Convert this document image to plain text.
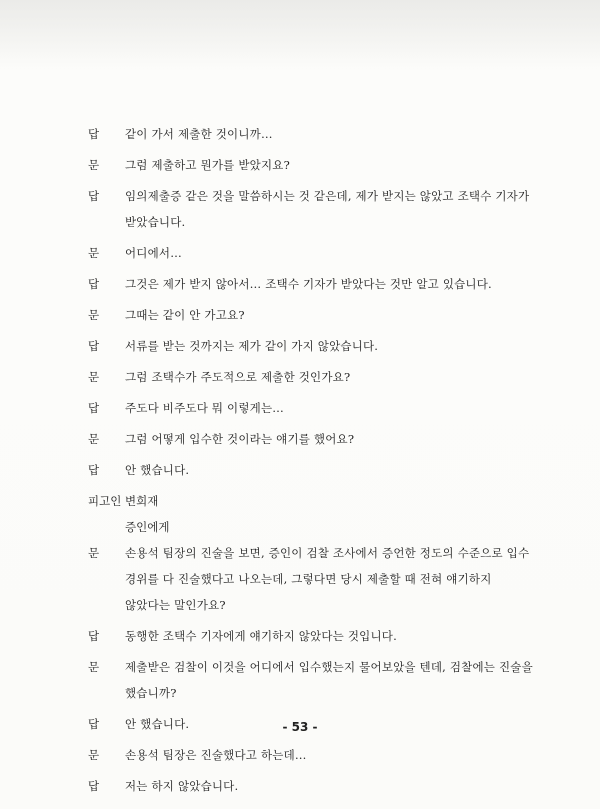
답	같이 가서 제출한 것이니까…
문	그럼 제출하고 뭔가를 받았지요?
답	임의제출증 같은 것을 말씀하시는 것 같은데, 제가 받지는 않았고 조택수 기자가 받았습니다.
문	어디에서…
답	그것은 제가 받지 않아서… 조택수 기자가 받았다는 것만 알고 있습니다.
문	그때는 같이 안 가고요?
답	서류를 받는 것까지는 제가 같이 가지 않았습니다.
문	그럼 조택수가 주도적으로 제출한 것인가요?
답	주도다 비주도다 뭐 이렇게는…
문	그럼 어떻게 입수한 것이라는 얘기를 했어요?
답	안 했습니다.
피고인 변희재
증인에게
문	손용석 팀장의 진술을 보면, 증인이 검찰 조사에서 증언한 정도의 수준으로 입수 경위를 다 진술했다고 나오는데, 그렇다면 당시 제출할 때 전혀 얘기하지 않았다는 말인가요?
답	동행한 조택수 기자에게 얘기하지 않았다는 것입니다.
문	제출받은 검찰이 이것을 어디에서 입수했는지 물어보았을 텐데, 검찰에는 진술을 했습니까?
답	안 했습니다.
문	손용석 팀장은 진술했다고 하는데…
답	저는 하지 않았습니다.
- 53 -
